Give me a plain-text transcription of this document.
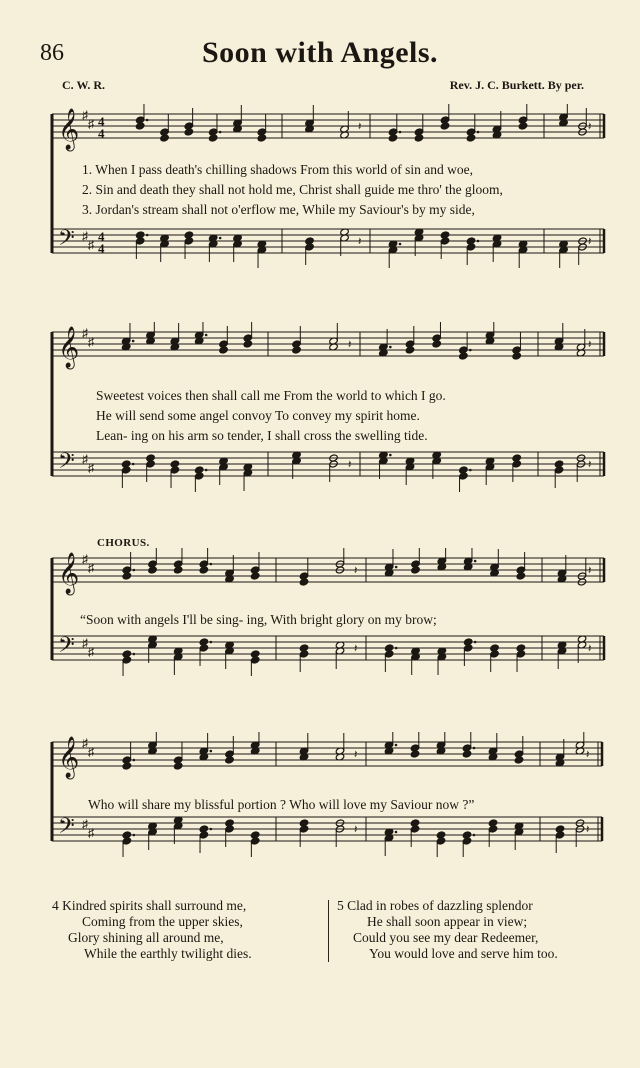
86	Soon with Angels.
C. W. R.	Rev. J. C. Burkett. By per.
𝄞
𝄢
♯
♯
♯
♯
4
4
4
4
𝄽
𝄽
𝄽
𝄽
1. When I pass death's chilling shadows From this world of sin and woe,
2. Sin and death they shall not hold me, Christ shall guide me thro' the gloom,
3. Jordan's stream shall not o'erflow me, While my Saviour's by my side,
𝄞
𝄢
♯
♯
♯
♯
𝄽
𝄽
𝄽
𝄽
Sweetest voices then shall call me From the world to which I go.
He will send some angel convoy To convey my spirit home.
Lean- ing on his arm so tender, I shall cross the swelling tide.
CHORUS.
𝄞
𝄢
♯
♯
♯
♯
𝄽
𝄽
𝄽
𝄽
“Soon with angels I'll be sing- ing, With bright glory on my brow;
𝄞
𝄢
♯
♯
♯
♯
𝄽
𝄽
𝄽
𝄽
Who will share my blissful portion ? Who will love my Saviour now ?”
4 Kindred spirits shall surround me,
Coming from the upper skies,
Glory shining all around me,
While the earthly twilight dies.
5 Clad in robes of dazzling splendor
He shall soon appear in view;
Could you see my dear Redeemer,
You would love and serve him too.
